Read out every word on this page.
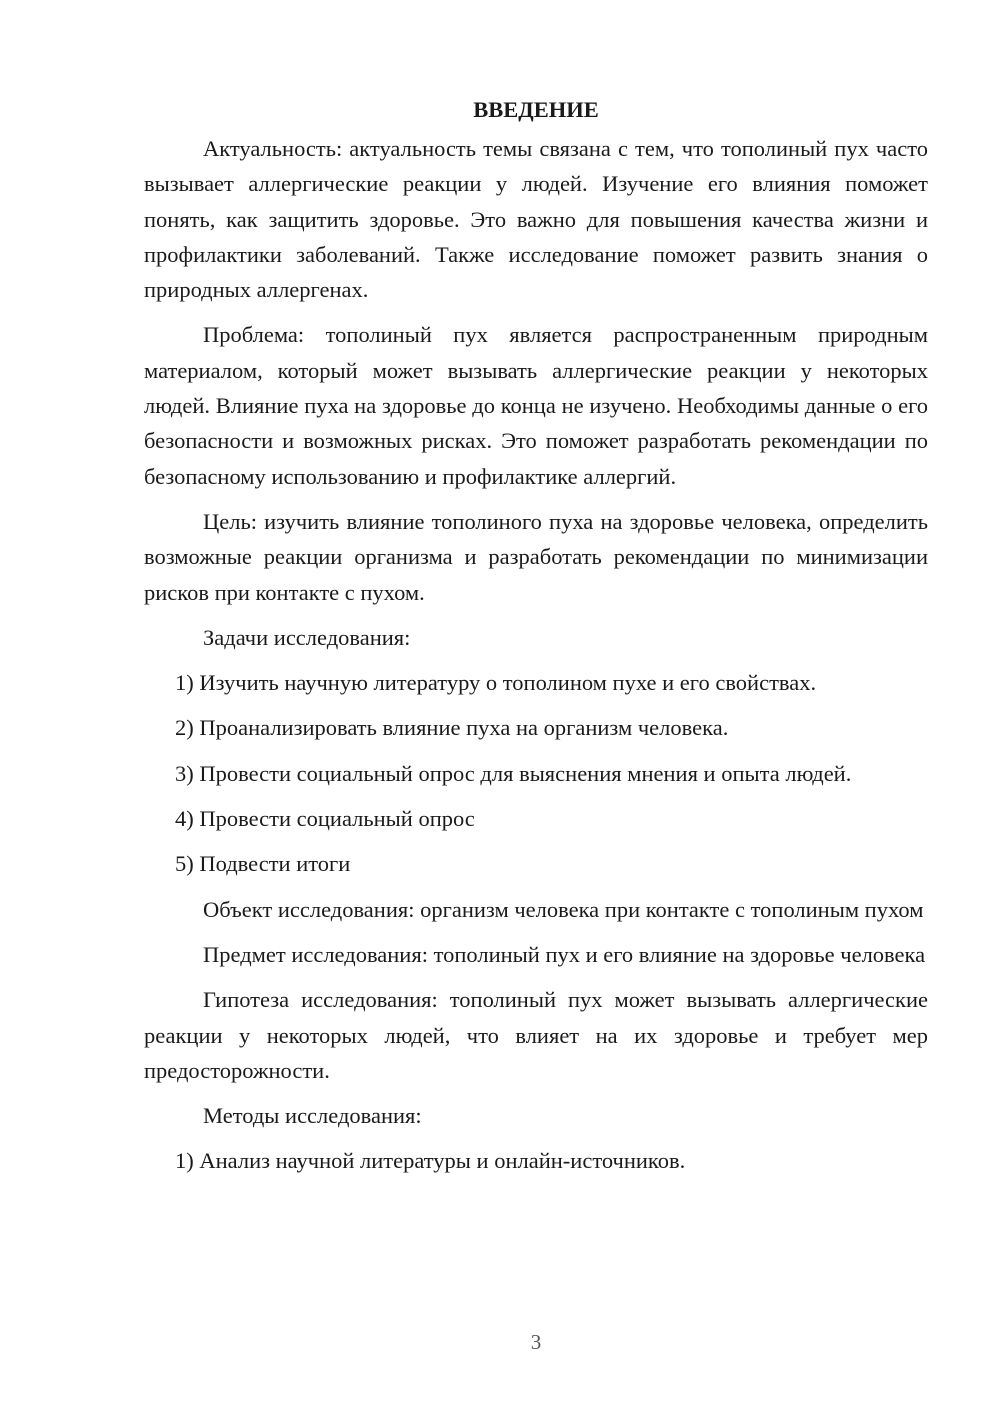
ВВЕДЕНИЕ

Актуальность: актуальность темы связана с тем, что тополиный пух часто вызывает аллергические реакции у людей. Изучение его влияния поможет понять, как защитить здоровье. Это важно для повышения качества жизни и профилактики заболеваний. Также исследование поможет развить знания о природных аллергенах.

Проблема: тополиный пух является распространенным природным материалом, который может вызывать аллергические реакции у некоторых людей. Влияние пуха на здоровье до конца не изучено. Необходимы данные о его безопасности и возможных рисках. Это поможет разработать рекомендации по безопасному использованию и профилактике аллергий.

Цель: изучить влияние тополиного пуха на здоровье человека, определить возможные реакции организма и разработать рекомендации по минимизации рисков при контакте с пухом.

Задачи исследования:

1) Изучить научную литературу о тополином пухе и его свойствах.

2) Проанализировать влияние пуха на организм человека.

3) Провести социальный опрос для выяснения мнения и опыта людей.

4) Провести социальный опрос

5) Подвести итоги

Объект исследования: организм человека при контакте с тополиным пухом

Предмет исследования: тополиный пух и его влияние на здоровье человека

Гипотеза исследования: тополиный пух может вызывать аллергические реакции у некоторых людей, что влияет на их здоровье и требует мер предосторожности.

Методы исследования:

1) Анализ научной литературы и онлайн-источников.

3
